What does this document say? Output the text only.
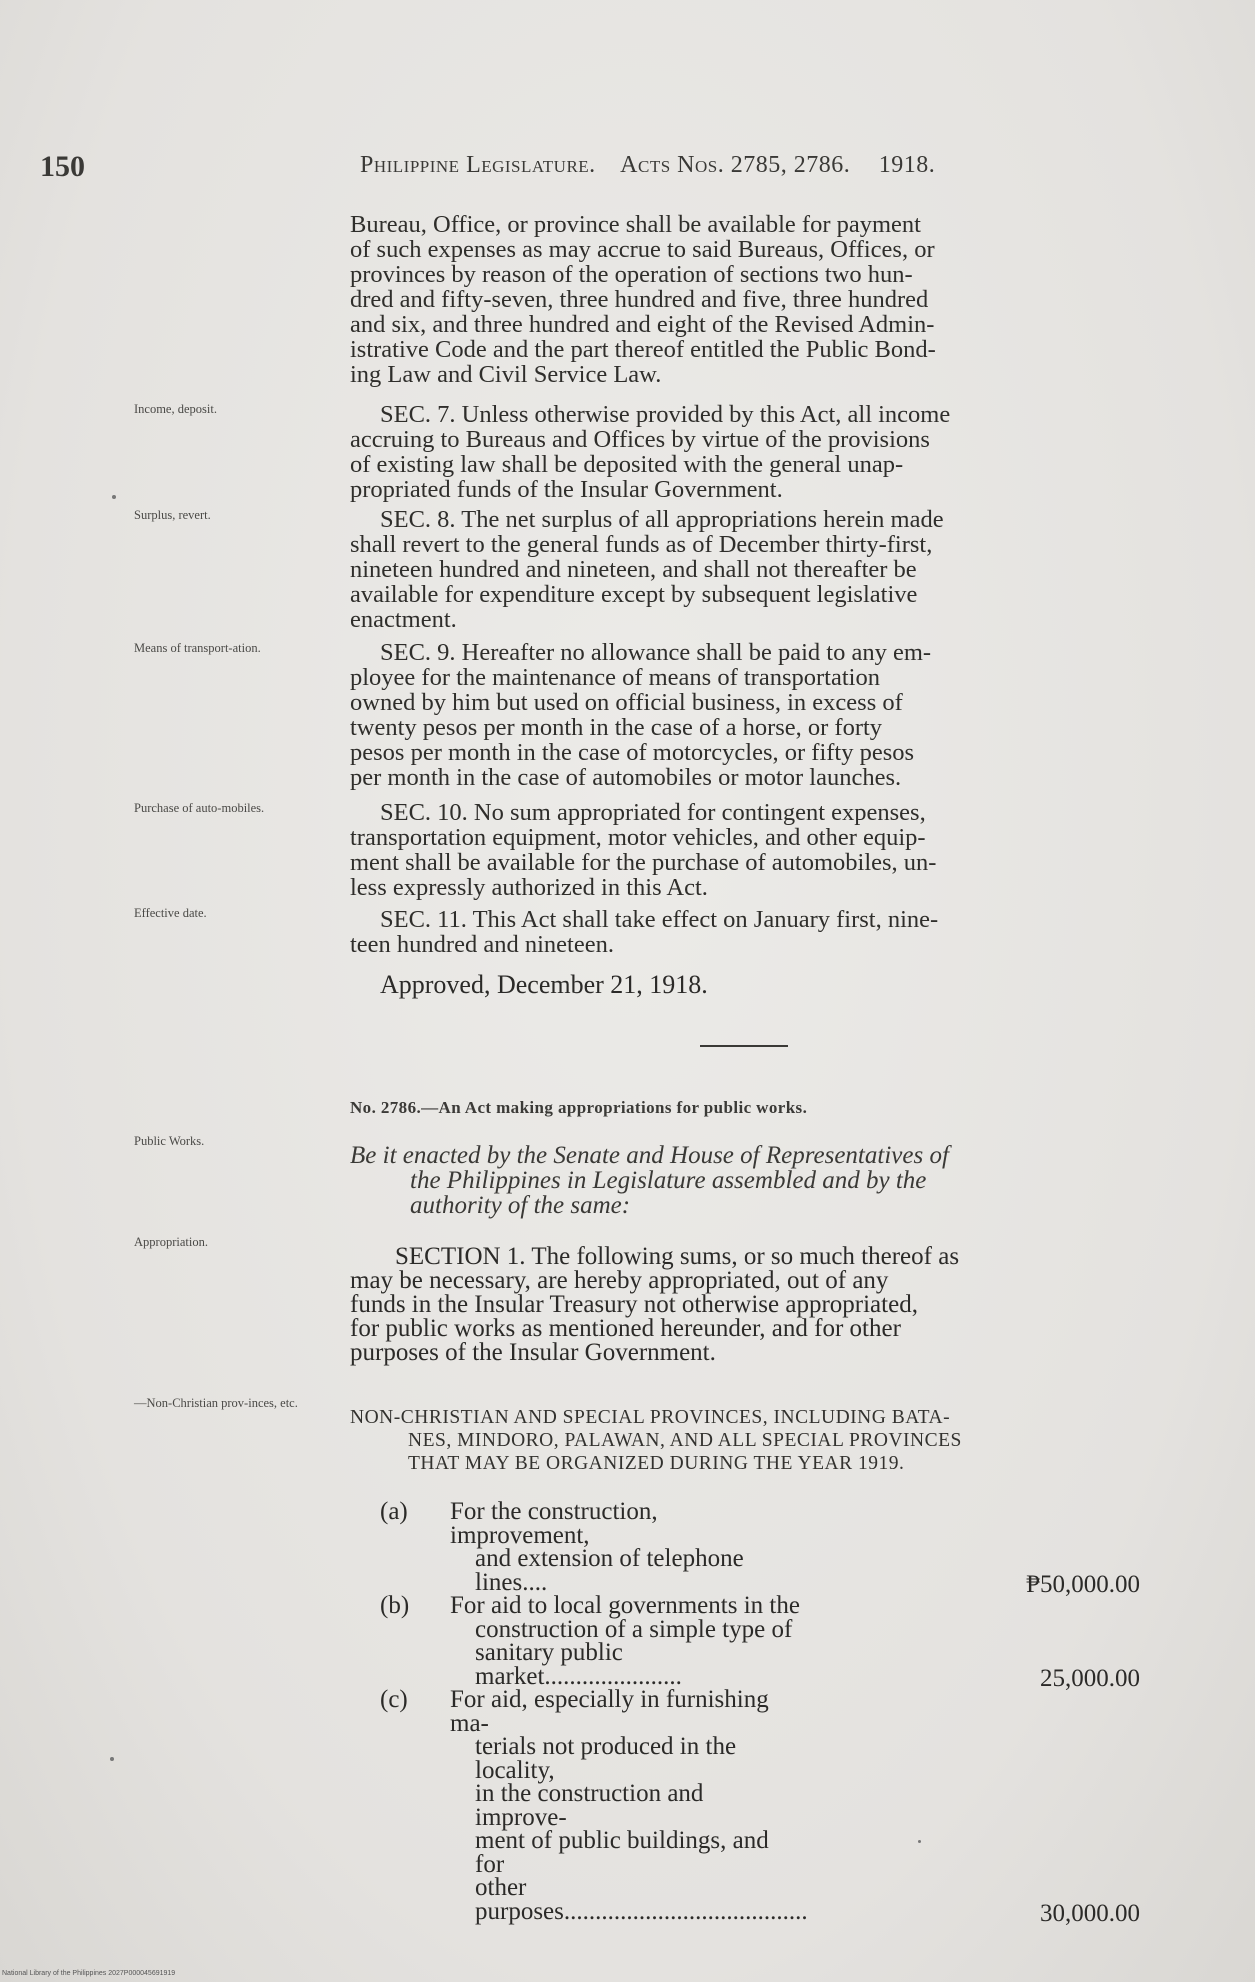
150	Philippine Legislature. Acts Nos. 2785, 2786. 1918.
Income, deposit.
Surplus, revert.
Means of transport-ation.
Purchase of auto-mobiles.
Effective date.
Public Works.
Appropriation.
—Non-Christian prov-inces, etc.
Bureau, Office, or province shall be available for payment
of such expenses as may accrue to said Bureaus, Offices, or
provinces by reason of the operation of sections two hun-
dred and fifty-seven, three hundred and five, three hundred
and six, and three hundred and eight of the Revised Admin-
istrative Code and the part thereof entitled the Public Bond-
ing Law and Civil Service Law.
SEC. 7. Unless otherwise provided by this Act, all income
accruing to Bureaus and Offices by virtue of the provisions
of existing law shall be deposited with the general unap-
propriated funds of the Insular Government.
SEC. 8. The net surplus of all appropriations herein made
shall revert to the general funds as of December thirty-first,
nineteen hundred and nineteen, and shall not thereafter be
available for expenditure except by subsequent legislative
enactment.
SEC. 9. Hereafter no allowance shall be paid to any em-
ployee for the maintenance of means of transportation
owned by him but used on official business, in excess of
twenty pesos per month in the case of a horse, or forty
pesos per month in the case of motorcycles, or fifty pesos
per month in the case of automobiles or motor launches.
SEC. 10. No sum appropriated for contingent expenses,
transportation equipment, motor vehicles, and other equip-
ment shall be available for the purchase of automobiles, un-
less expressly authorized in this Act.
SEC. 11. This Act shall take effect on January first, nine-
teen hundred and nineteen.
Approved, December 21, 1918.
No. 2786.—An Act making appropriations for public works.
Be it enacted by the Senate and House of Representatives of
the Philippines in Legislature assembled and by the
authority of the same:
SECTION 1. The following sums, or so much thereof as
may be necessary, are hereby appropriated, out of any
funds in the Insular Treasury not otherwise appropriated,
for public works as mentioned hereunder, and for other
purposes of the Insular Government.
NON-CHRISTIAN AND SPECIAL PROVINCES, INCLUDING BATA-
NES, MINDORO, PALAWAN, AND ALL SPECIAL PROVINCES
THAT MAY BE ORGANIZED DURING THE YEAR 1919.
(a) For the construction, improvement,
and extension of telephone lines....	₱50,000.00
(b) For aid to local governments in the
construction of a simple type of
sanitary public market......................	25,000.00
(c) For aid, especially in furnishing ma-
terials not produced in the locality,
in the construction and improve-
ment of public buildings, and for
other purposes.......................................	30,000.00
National Library of the Philippines 2027P000045691919
